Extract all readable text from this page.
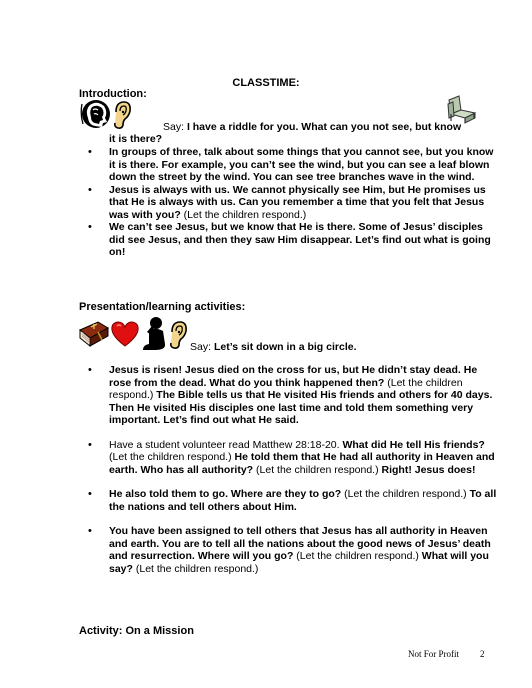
CLASSTIME:
Introduction:
Say: I have a riddle for you. What can you not see, but know
it is there?
• In groups of three, talk about some things that you cannot see, but you know it is there. For example, you can’t see the wind, but you can see a leaf blown down the street by the wind. You can see tree branches wave in the wind.
• Jesus is always with us. We cannot physically see Him, but He promises us that He is always with us. Can you remember a time that you felt that Jesus was with you? (Let the children respond.)
• We can’t see Jesus, but we know that He is there. Some of Jesus’ disciples did see Jesus, and then they saw Him disappear. Let’s find out what is going on!
Presentation/learning activities:
Say: Let’s sit down in a big circle.
• Jesus is risen! Jesus died on the cross for us, but He didn’t stay dead. He rose from the dead. What do you think happened then? (Let the children respond.) The Bible tells us that He visited His friends and others for 40 days. Then He visited His disciples one last time and told them something very important. Let’s find out what He said.
• Have a student volunteer read Matthew 28:18-20. What did He tell His friends? (Let the children respond.) He told them that He had all authority in Heaven and earth. Who has all authority? (Let the children respond.) Right! Jesus does!
• He also told them to go. Where are they to go? (Let the children respond.) To all the nations and tell others about Him.
• You have been assigned to tell others that Jesus has all authority in Heaven and earth. You are to tell all the nations about the good news of Jesus’ death and resurrection. Where will you go? (Let the children respond.) What will you say? (Let the children respond.)
Activity: On a Mission
Not For Profit 2
